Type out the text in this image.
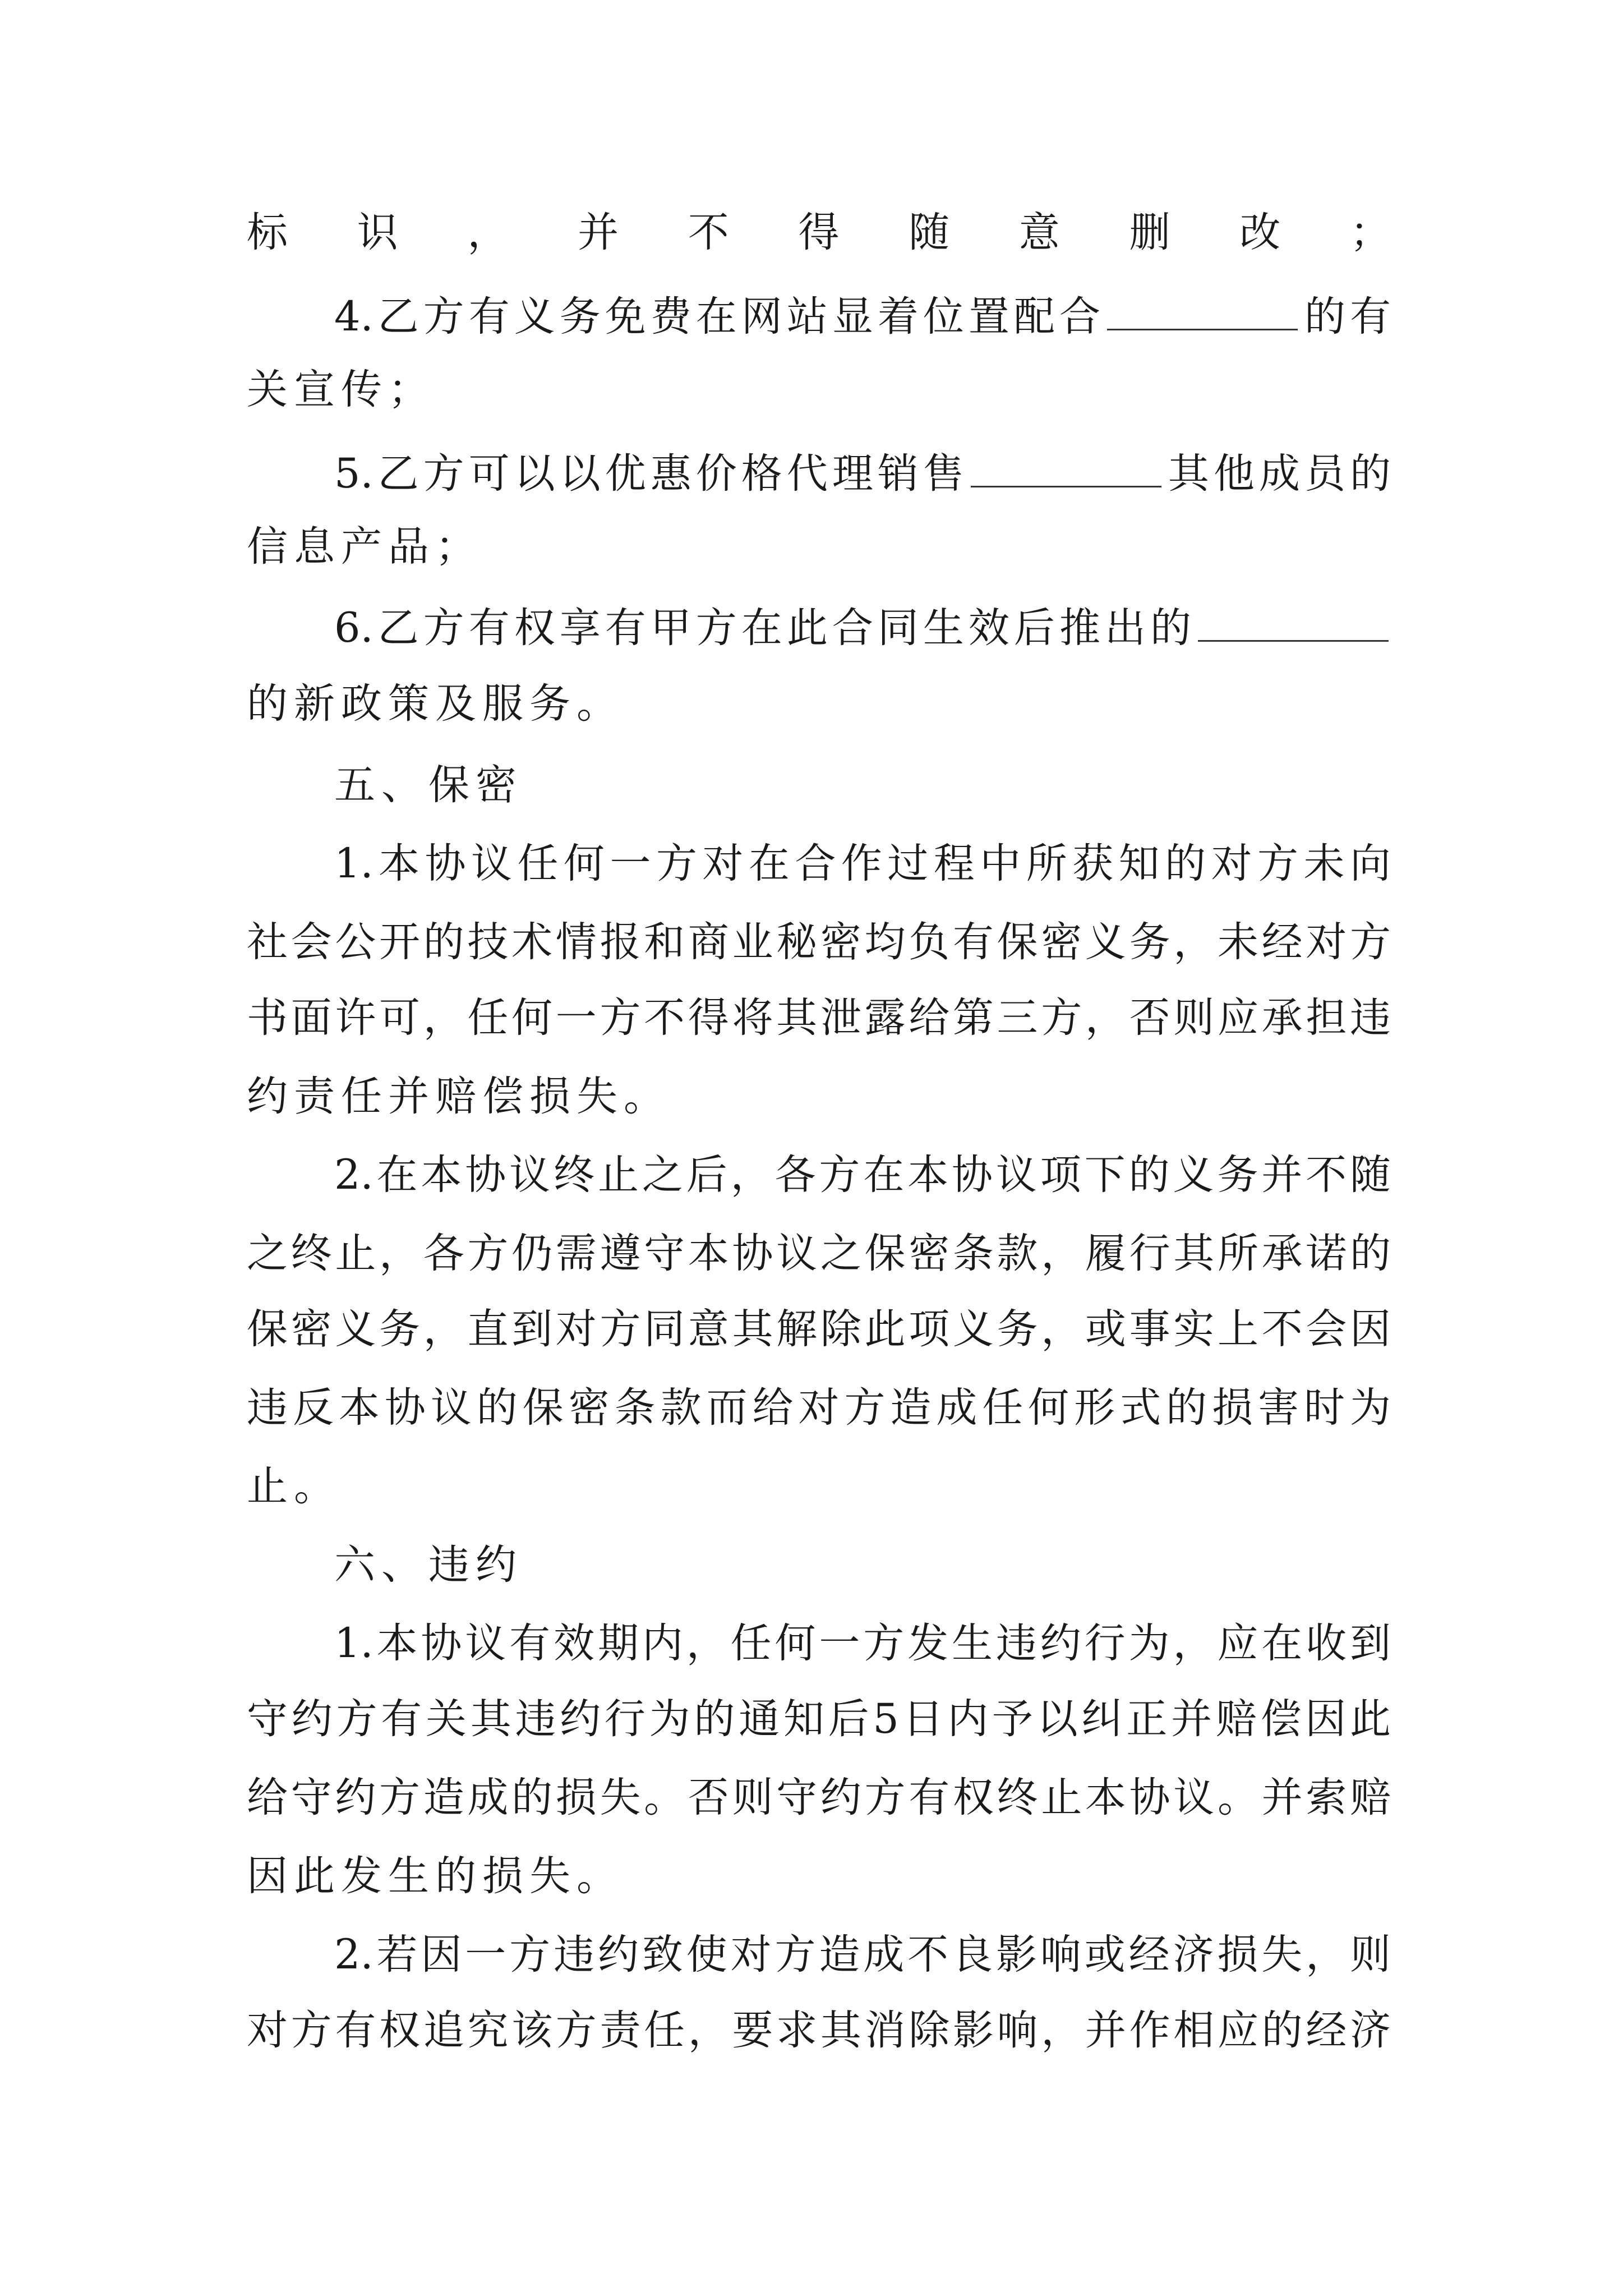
标识，并不得随意删改；
4.乙方有义务免费在网站显着位置配合	的有
关宣传；
5.乙方可以以优惠价格代理销售	其他成员的
信息产品；
6.乙方有权享有甲方在此合同生效后推出的
的新政策及服务。
五、保密
1.本协议任何一方对在合作过程中所获知的对方未向
社会公开的技术情报和商业秘密均负有保密义务，未经对方
书面许可，任何一方不得将其泄露给第三方，否则应承担违
约责任并赔偿损失。
2.在本协议终止之后，各方在本协议项下的义务并不随
之终止，各方仍需遵守本协议之保密条款，履行其所承诺的
保密义务，直到对方同意其解除此项义务，或事实上不会因
违反本协议的保密条款而给对方造成任何形式的损害时为
止。
六、违约
1.本协议有效期内，任何一方发生违约行为，应在收到
守约方有关其违约行为的通知后5日内予以纠正并赔偿因此
给守约方造成的损失。否则守约方有权终止本协议。并索赔
因此发生的损失。
2.若因一方违约致使对方造成不良影响或经济损失，则
对方有权追究该方责任，要求其消除影响，并作相应的经济
